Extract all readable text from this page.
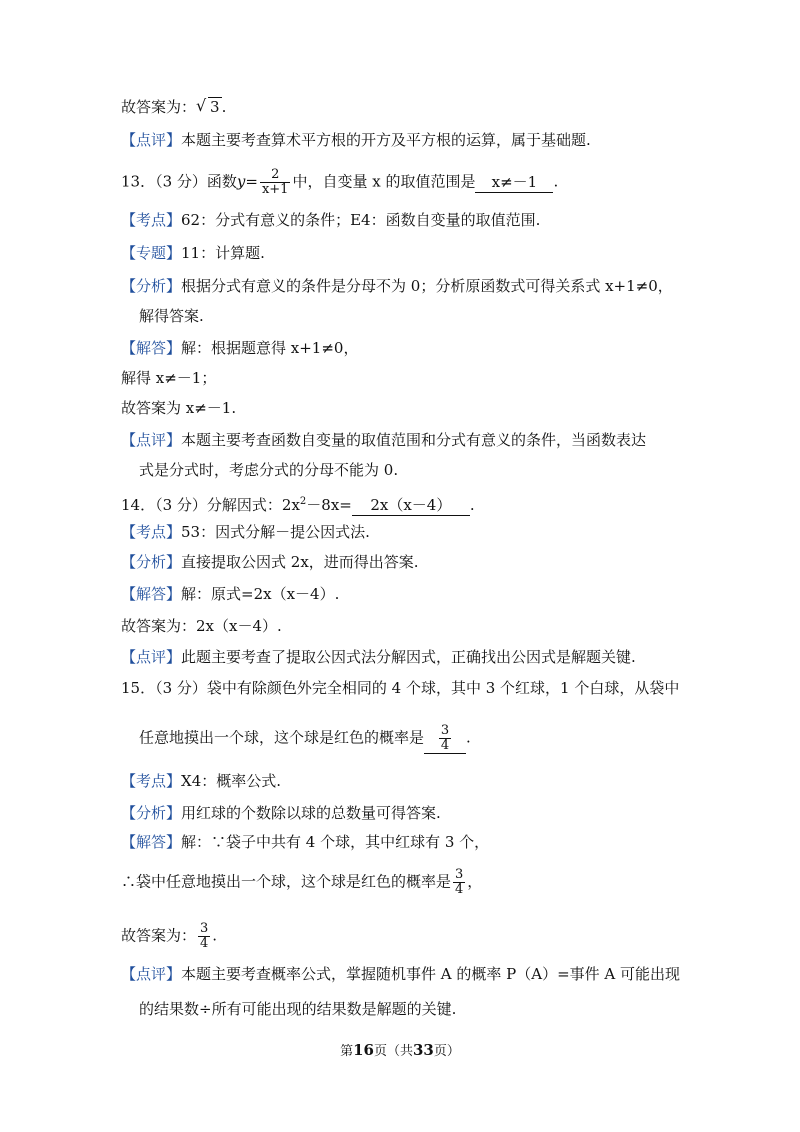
故答案为： √ 3 .
【点评】本题主要考查算术平方根的开方及平方根的运算，属于基础题.
13．（3 分）函数$y= \frac{2}{x+1}$ 中，自变量 x 的取值范围是 x≠－1 .
【考点】62：分式有意义的条件；E4：函数自变量的取值范围.
【专题】11：计算题.
【分析】根据分式有意义的条件是分母不为 0；分析原函数式可得关系式 x+1≠0，
解得答案.
【解答】解：根据题意得 x+1≠0，
解得 x≠－1；
故答案为 x≠－1.
【点评】本题主要考查函数自变量的取值范围和分式有意义的条件，当函数表达
式是分式时，考虑分式的分母不能为 0.
14．（3 分）分解因式：$2x^2-8x= 2x(x-4)$ .
【考点】53：因式分解－提公因式法.
【分析】直接提取公因式 2x，进而得出答案.
【解答】解：原式=2x（x－4）.
故答案为：2x（x－4）.
【点评】此题主要考查了提取公因式法分解因式，正确找出公因式是解题关键.
15．（3 分）袋中有除颜色外完全相同的 4 个球，其中 3 个红球，1 个白球，从袋中
任意地摸出一个球，这个球是红色的概率是 $\frac{3}{4}$ .
【考点】X4：概率公式.
【分析】用红球的个数除以球的总数量可得答案.
【解答】解：∵袋子中共有 4 个球，其中红球有 3 个，
∴袋中任意地摸出一个球，这个球是红色的概率是 $\frac{3}{4}$ ，
故答案为： $\frac{3}{4}$ .
【点评】本题主要考查概率公式，掌握随机事件 A 的概率 P（A）=事件 A 可能出现
的结果数÷所有可能出现的结果数是解题的关键.
第16页（共33页）
